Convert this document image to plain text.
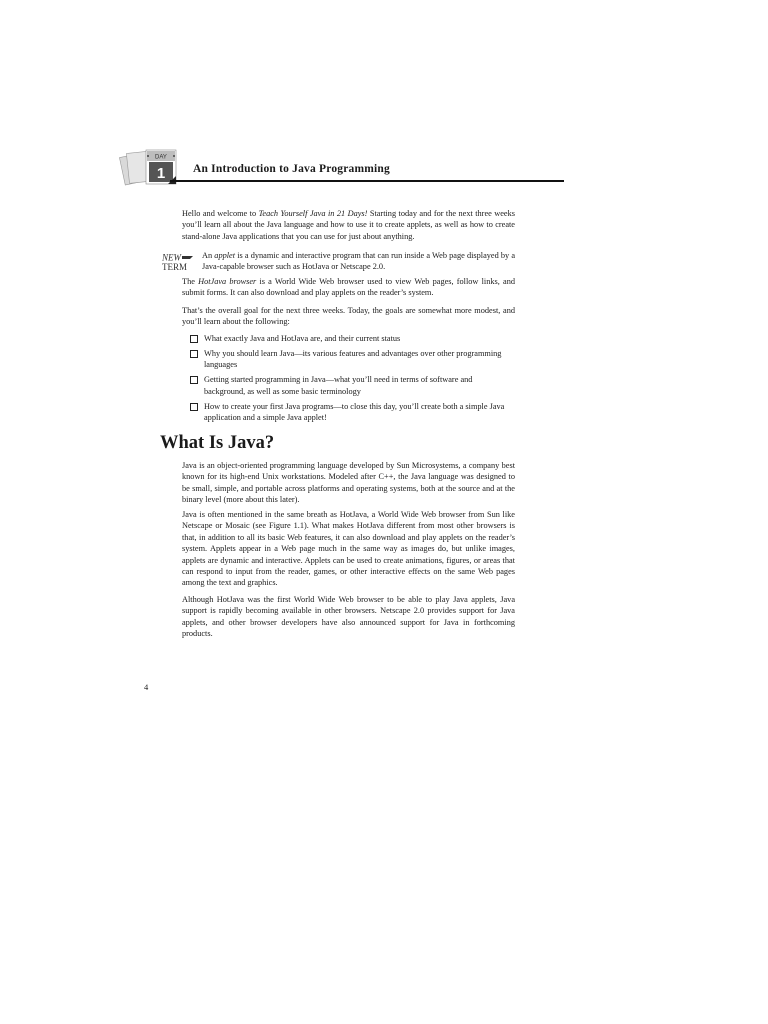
DAY
1 An Introduction to Java Programming

Hello and welcome to Teach Yourself Java in 21 Days! Starting today and for the next three weeks you’ll learn all about the Java language and how to use it to create applets, as well as how to create stand-alone Java applications that you can use for just about anything.

NEW
TERM

An applet is a dynamic and interactive program that can run inside a Web page displayed by a Java-capable browser such as HotJava or Netscape 2.0.

The HotJava browser is a World Wide Web browser used to view Web pages, follow links, and submit forms. It can also download and play applets on the reader’s system.

That’s the overall goal for the next three weeks. Today, the goals are somewhat more modest, and you’ll learn about the following:

What exactly Java and HotJava are, and their current status
Why you should learn Java—its various features and advantages over other programming languages
Getting started programming in Java—what you’ll need in terms of software and background, as well as some basic terminology
How to create your first Java programs—to close this day, you’ll create both a simple Java application and a simple Java applet!
What Is Java?

Java is an object-oriented programming language developed by Sun Microsystems, a company best known for its high-end Unix workstations. Modeled after C++, the Java language was designed to be small, simple, and portable across platforms and operating systems, both at the source and at the binary level (more about this later).

Java is often mentioned in the same breath as HotJava, a World Wide Web browser from Sun like Netscape or Mosaic (see Figure 1.1). What makes HotJava different from most other browsers is that, in addition to all its basic Web features, it can also download and play applets on the reader’s system. Applets appear in a Web page much in the same way as images do, but unlike images, applets are dynamic and interactive. Applets can be used to create animations, figures, or areas that can respond to input from the reader, games, or other interactive effects on the same Web pages among the text and graphics.

Although HotJava was the first World Wide Web browser to be able to play Java applets, Java support is rapidly becoming available in other browsers. Netscape 2.0 provides support for Java applets, and other browser developers have also announced support for Java in forthcoming products.

4
